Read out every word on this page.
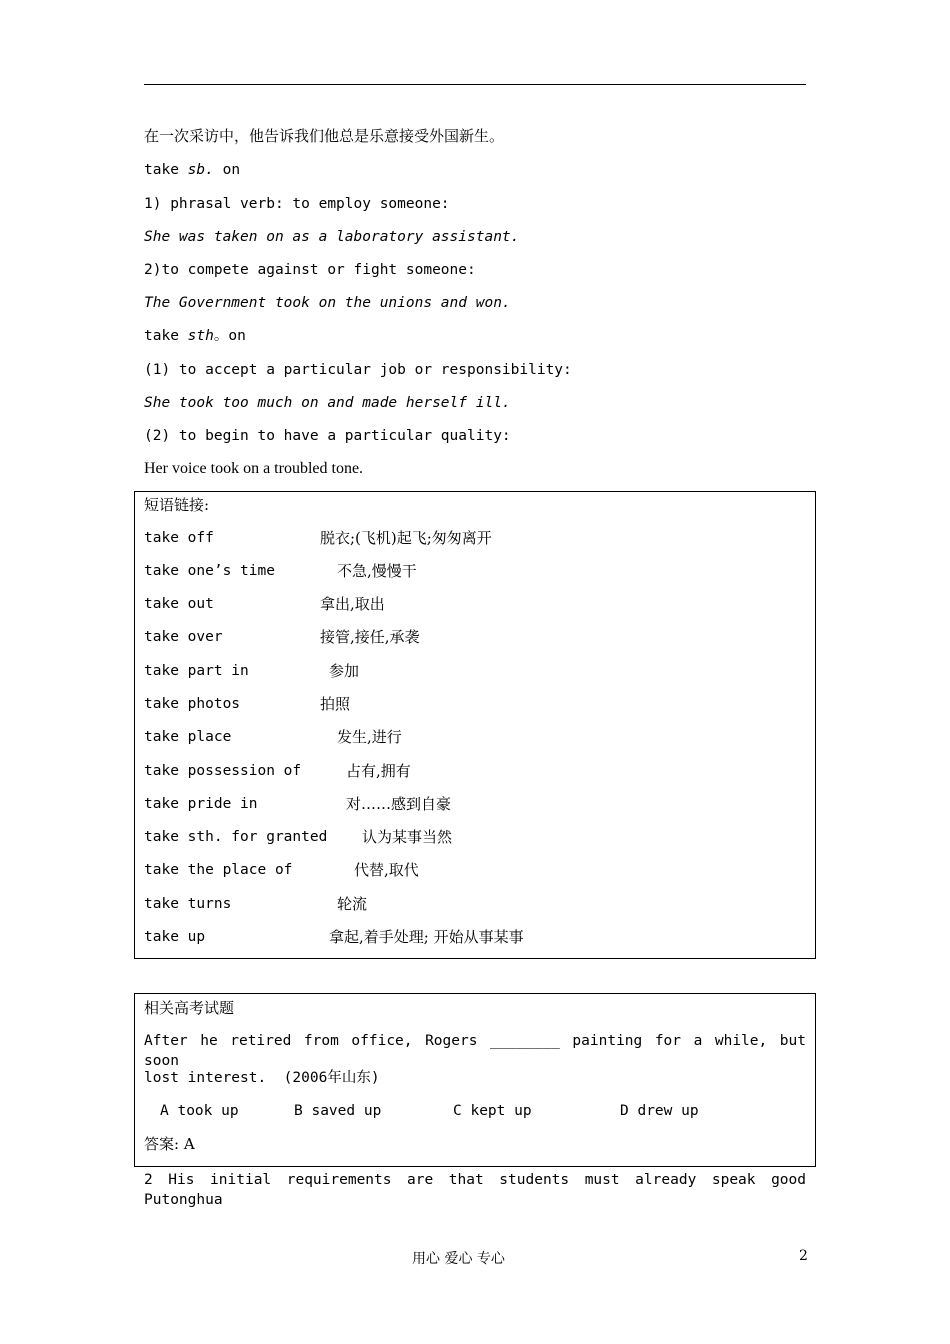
在一次采访中，他告诉我们他总是乐意接受外国新生。
take sb. on
1) phrasal verb: to employ someone:
She was taken on as a laboratory assistant.
2)to compete against or fight someone:
The Government took on the unions and won.
take sth。on
(1) to accept a particular job or responsibility:
She took too much on and made herself ill.
(2) to begin to have a particular quality:
Her voice took on a troubled tone.
短语链接:
take off	脱衣;(飞机)起飞;匆匆离开
take one’s time	不急,慢慢干
take out	拿出,取出
take over	接管,接任,承袭
take part in	参加
take photos	拍照
take place	发生,进行
take possession of	占有,拥有
take pride in	对……感到自豪
take sth. for granted 认为某事当然
take the place of	代替,取代
take turns	轮流
take up	拿起,着手处理; 开始从事某事
相关高考试题
After he retired from office, Rogers ________ painting for a while, but soon
lost interest.  (2006年山东)
A took up	B saved up	C kept up	D drew up
答案: A
2 His initial requirements are that students must already speak good Putonghua
用心 爱心 专心	2
